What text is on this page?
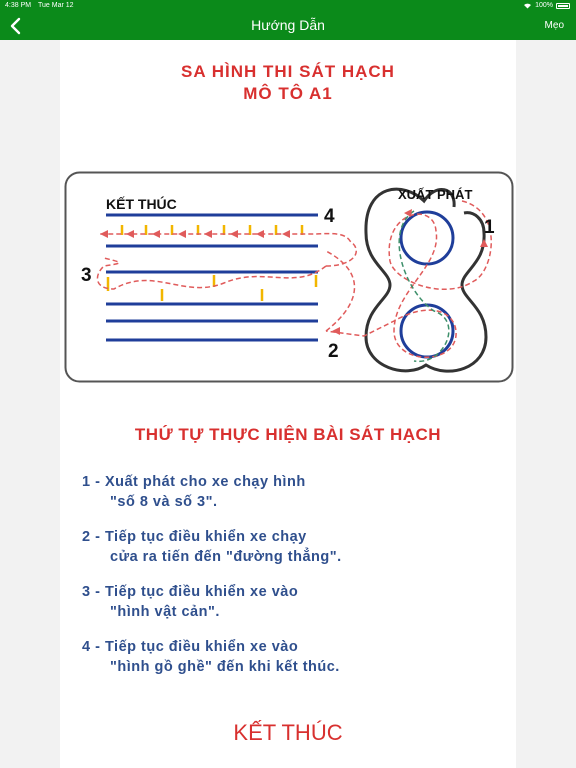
4:38 PM Tue Mar 12	100%
Hướng Dẫn	Mẹo
SA HÌNH THI SÁT HẠCH
MÔ TÔ A1
KẾT THÚC
XUẤT PHÁT
4
3
2
1
THỨ TỰ THỰC HIỆN BÀI SÁT HẠCH
1 - Xuất phát cho xe chạy hình
"số 8 và số 3".
2 - Tiếp tục điều khiển xe chạy
cửa ra tiến đến "đường thẳng".
3 - Tiếp tục điều khiển xe vào
"hình vật cản".
4 - Tiếp tục điều khiển xe vào
"hình gồ ghề" đến khi kết thúc.
KẾT THÚC
